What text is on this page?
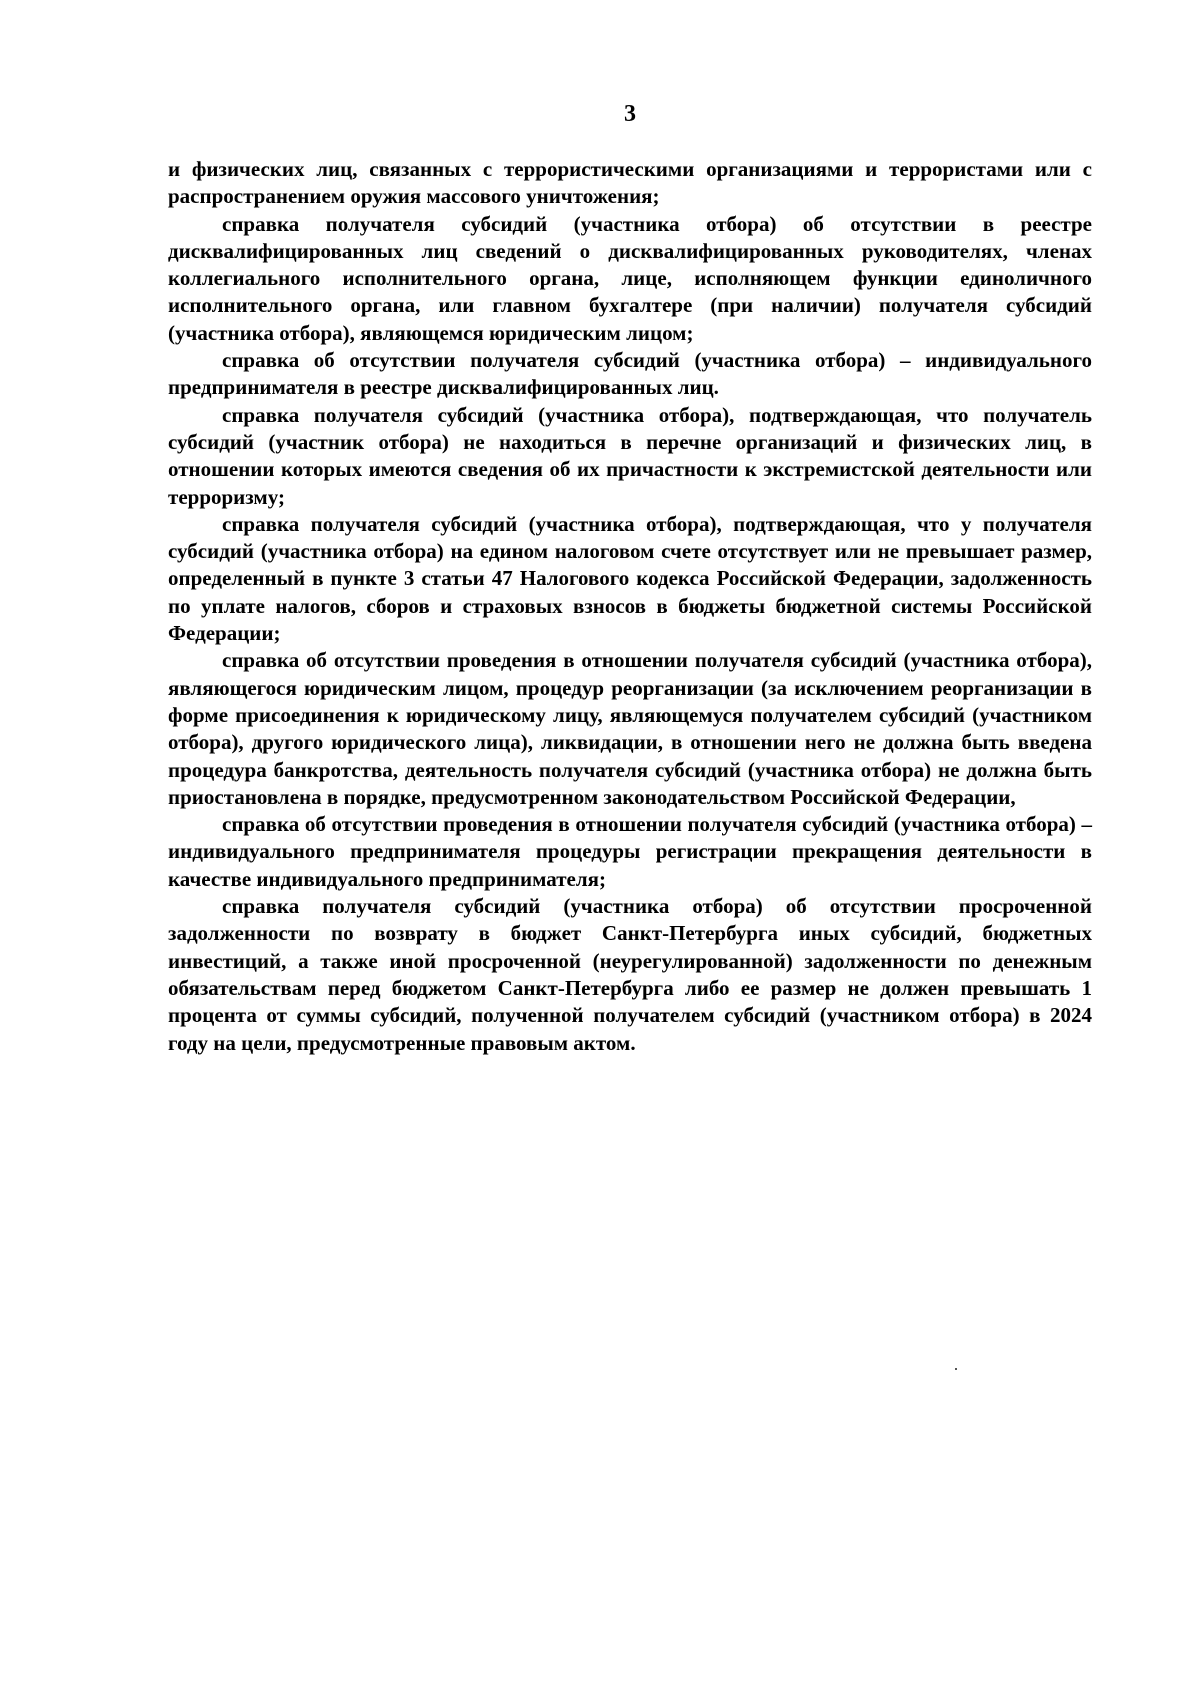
3

и физических лиц, связанных с террористическими организациями и террористами или с распространением оружия массового уничтожения;

справка получателя субсидий (участника отбора) об отсутствии в реестре дисквалифицированных лиц сведений о дисквалифицированных руководителях, членах коллегиального исполнительного органа, лице, исполняющем функции единоличного исполнительного органа, или главном бухгалтере (при наличии) получателя субсидий (участника отбора), являющемся юридическим лицом;

справка об отсутствии получателя субсидий (участника отбора) – индивидуального предпринимателя в реестре дисквалифицированных лиц.

справка получателя субсидий (участника отбора), подтверждающая, что получатель субсидий (участник отбора) не находиться в перечне организаций и физических лиц, в отношении которых имеются сведения об их причастности к экстремистской деятельности или терроризму;

справка получателя субсидий (участника отбора), подтверждающая, что у получателя субсидий (участника отбора) на едином налоговом счете отсутствует или не превышает размер, определенный в пункте 3 статьи 47 Налогового кодекса Российской Федерации, задолженность по уплате налогов, сборов и страховых взносов в бюджеты бюджетной системы Российской Федерации;

справка об отсутствии проведения в отношении получателя субсидий (участника отбора), являющегося юридическим лицом, процедур реорганизации (за исключением реорганизации в форме присоединения к юридическому лицу, являющемуся получателем субсидий (участником отбора), другого юридического лица), ликвидации, в отношении него не должна быть введена процедура банкротства, деятельность получателя субсидий (участника отбора) не должна быть приостановлена в порядке, предусмотренном законодательством Российской Федерации,

справка об отсутствии проведения в отношении получателя субсидий (участника отбора) – индивидуального предпринимателя процедуры регистрации прекращения деятельности в качестве индивидуального предпринимателя;

справка получателя субсидий (участника отбора) об отсутствии просроченной задолженности по возврату в бюджет Санкт-Петербурга иных субсидий, бюджетных инвестиций, а также иной просроченной (неурегулированной) задолженности по денежным обязательствам перед бюджетом Санкт-Петербурга либо ее размер не должен превышать 1 процента от суммы субсидий, полученной получателем субсидий (участником отбора) в 2024 году на цели, предусмотренные правовым актом.
